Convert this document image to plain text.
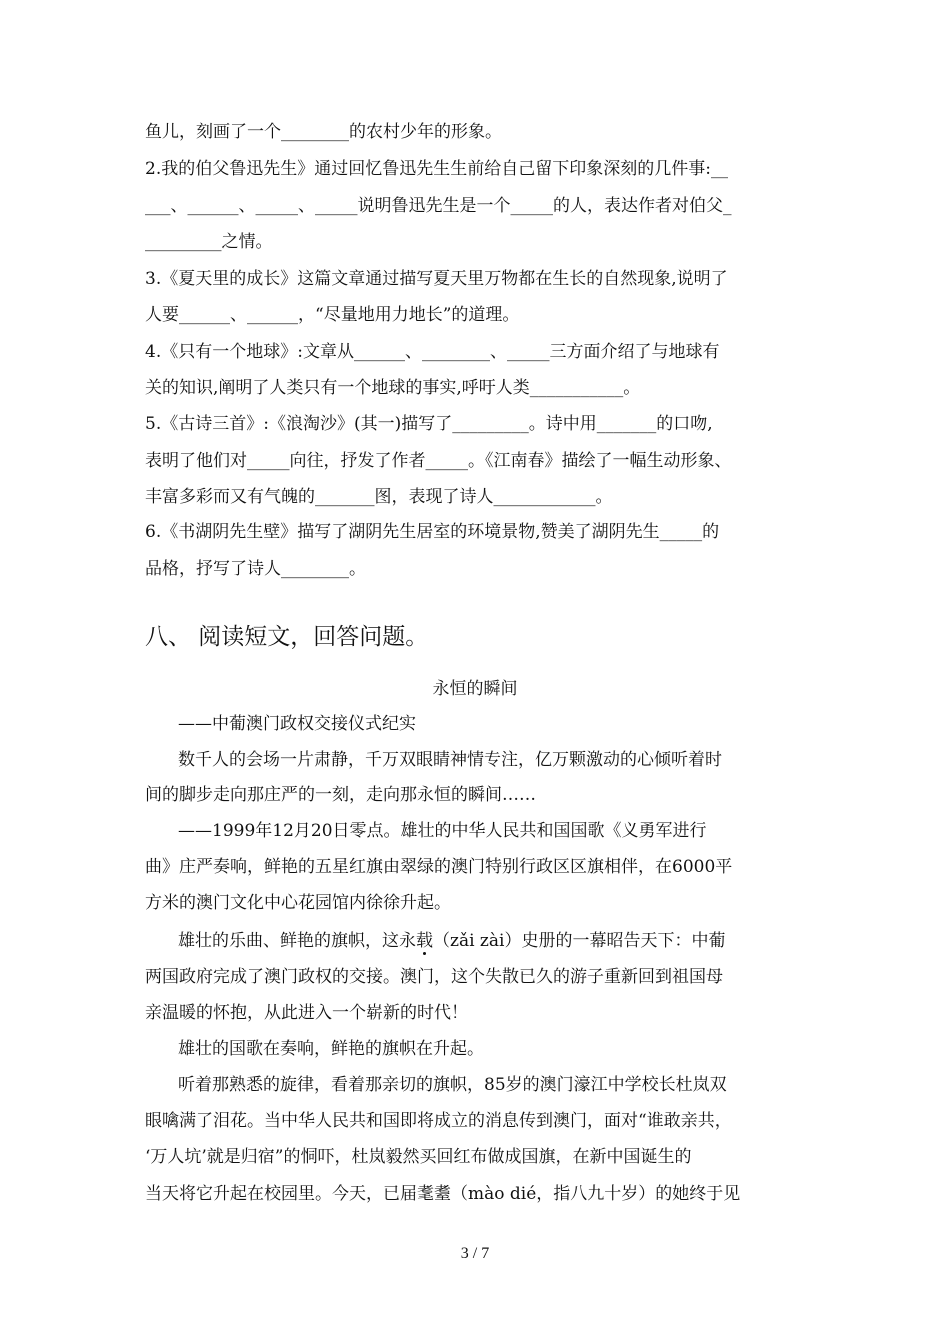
鱼儿，刻画了一个________的农村少年的形象。
2.我的伯父鲁迅先生》通过回忆鲁迅先生生前给自己留下印象深刻的几件事:__
___、______、_____、_____说明鲁迅先生是一个_____的人，表达作者对伯父_
_________之情。
3.《夏天里的成长》这篇文章通过描写夏天里万物都在生长的自然现象,说明了
人要______、______，“尽量地用力地长”的道理。
4.《只有一个地球》:文章从______、________、_____三方面介绍了与地球有
关的知识,阐明了人类只有一个地球的事实,呼吁人类___________。
5.《古诗三首》:《浪淘沙》(其一)描写了_________。诗中用_______的口吻,
表明了他们对_____向往，抒发了作者_____。《江南春》描绘了一幅生动形象、
丰富多彩而又有气魄的_______图，表现了诗人____________。
6.《书湖阴先生壁》描写了湖阴先生居室的环境景物,赞美了湖阴先生_____的
品格，抒写了诗人________。
八、 阅读短文，回答问题。
永恒的瞬间
——中葡澳门政权交接仪式纪实
数千人的会场一片肃静，千万双眼睛神情专注，亿万颗激动的心倾听着时
间的脚步走向那庄严的一刻，走向那永恒的瞬间……
——1999年12月20日零点。雄壮的中华人民共和国国歌《义勇军进行
曲》庄严奏响，鲜艳的五星红旗由翠绿的澳门特别行政区区旗相伴，在6000平
方米的澳门文化中心花园馆内徐徐升起。
雄壮的乐曲、鲜艳的旗帜，这永载（zǎi zài）史册的一幕昭告天下：中葡
两国政府完成了澳门政权的交接。澳门，这个失散已久的游子重新回到祖国母
亲温暖的怀抱，从此进入一个崭新的时代！
雄壮的国歌在奏响，鲜艳的旗帜在升起。
听着那熟悉的旋律，看着那亲切的旗帜，85岁的澳门濠江中学校长杜岚双
眼噙满了泪花。当中华人民共和国即将成立的消息传到澳门，面对“谁敢亲共，
‘万人坑’就是归宿”的恫吓，杜岚毅然买回红布做成国旗，在新中国诞生的
当天将它升起在校园里。今天，已届耄耋（mào dié，指八九十岁）的她终于见
3 / 7
